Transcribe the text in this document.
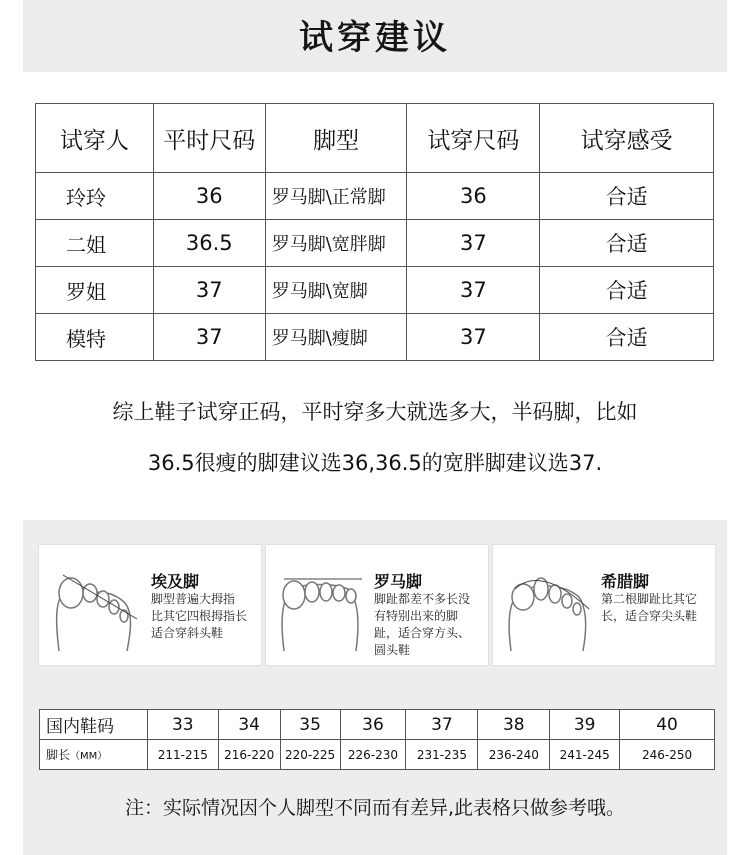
试穿建议
试穿人	平时尺码	脚型	试穿尺码	试穿感受
玲玲	36	罗马脚\正常脚	36	合适
二姐	36.5	罗马脚\宽胖脚	37	合适
罗姐	37	罗马脚\宽脚	37	合适
模特	37	罗马脚\瘦脚	37	合适
综上鞋子试穿正码，平时穿多大就选多大，半码脚，比如
36.5很瘦的脚建议选36,36.5的宽胖脚建议选37.
埃及脚
脚型普遍大拇指
比其它四根拇指长
适合穿斜头鞋
罗马脚
脚趾都差不多长没
有特别出来的脚
趾，适合穿方头、
圆头鞋
希腊脚
第二根脚趾比其它
长，适合穿尖头鞋
国内鞋码	33	34	35	36	37	38	39	40
脚长（MM）	211-215	216-220	220-225	226-230	231-235	236-240	241-245	246-250
注：实际情况因个人脚型不同而有差异,此表格只做参考哦。
